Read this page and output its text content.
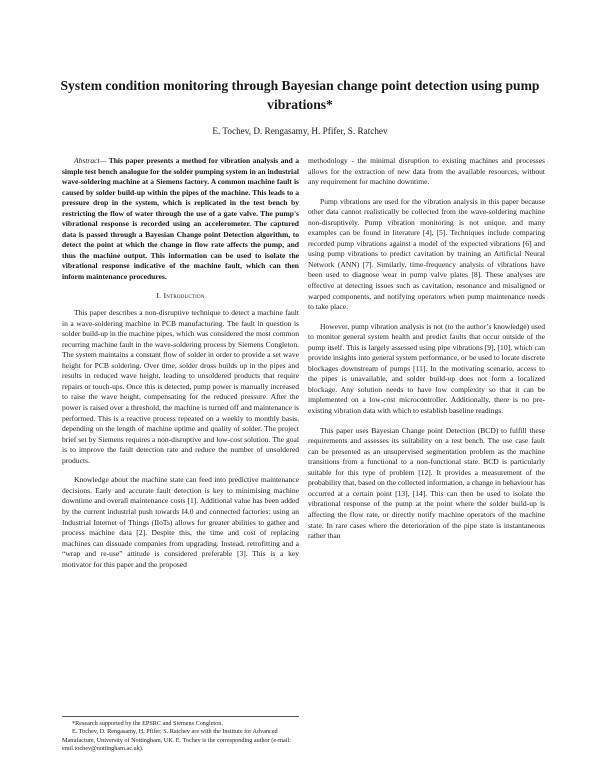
System condition monitoring through Bayesian change point detection using pump vibrations*
E. Tochev, D. Rengasamy, H. Pfifer, S. Ratchev

Abstract— This paper presents a method for vibration analysis and a simple test bench analogue for the solder pumping system in an industrial wave-soldering machine at a Siemens factory. A common machine fault is caused by solder build-up within the pipes of the machine. This leads to a pressure drop in the system, which is replicated in the test bench by restricting the flow of water through the use of a gate valve. The pump's vibrational response is recorded using an accelerometer. The captured data is passed through a Bayesian Change point Detection algorithm, to detect the point at which the change in flow rate affects the pump, and thus the machine output. This information can be used to isolate the vibrational response indicative of the machine fault, which can then inform maintenance procedures.

I. Introduction

This paper describes a non-disruptive technique to detect a machine fault in a wave-soldering machine in PCB manufacturing. The fault in question is solder build-up in the machine pipes, which was considered the most common recurring machine fault in the wave-soldering process by Siemens Congleton. The system maintains a constant flow of solder in order to provide a set wave height for PCB soldering. Over time, solder dross builds up in the pipes and results in reduced wave height, leading to unsoldered products that require repairs or touch-ups. Once this is detected, pump power is manually increased to raise the wave height, compensating for the reduced pressure. After the power is raised over a threshold, the machine is turned off and maintenance is performed. This is a reactive process repeated on a weekly to monthly basis, depending on the length of machine uptime and quality of solder. The project brief set by Siemens requires a non-disruptive and low-cost solution. The goal is to improve the fault detection rate and reduce the number of unsoldered products.

Knowledge about the machine state can feed into predictive maintenance decisions. Early and accurate fault detection is key to minimising machine downtime and overall maintenance costs [1]. Additional value has been added by the current industrial push towards I4.0 and connected factories: using an Industrial Internet of Things (IIoTs) allows for greater abilities to gather and process machine data [2]. Despite this, the time and cost of replacing machines can dissuade companies from upgrading. Instead, retrofitting and a “wrap and re-use” attitude is considered preferable [3]. This is a key motivator for this paper and the proposed

methodology - the minimal disruption to existing machines and processes allows for the extraction of new data from the available resources, without any requirement for machine downtime.

Pump vibrations are used for the vibration analysis in this paper because other data cannot realistically be collected from the wave-soldering machine non-disruptively. Pump vibration monitoring is not unique, and many examples can be found in literature [4], [5]. Techniques include comparing recorded pump vibrations against a model of the expected vibrations [6] and using pump vibrations to predict cavitation by training an Artificial Neural Network (ANN) [7]. Similarly, time-frequency analysis of vibrations have been used to diagnose wear in pump valve plates [8]. These analyses are effective at detecting issues such as cavitation, resonance and misaligned or warped components, and notifying operators when pump maintenance needs to take place.

However, pump vibration analysis is not (to the author’s knowledge) used to monitor general system health and predict faults that occur outside of the pump itself. This is largely assessed using pipe vibrations [9], [10], which can provide insights into general system performance, or be used to locate discrete blockages downstream of pumps [11]. In the motivating scenario, access to the pipes is unavailable, and solder build-up does not form a localized blockage. Any solution needs to have low complexity so that it can be implemented on a low-cost microcontroller. Additionally, there is no pre-existing vibration data with which to establish baseline readings.

This paper uses Bayesian Change point Detection (BCD) to fulfill these requirements and assesses its suitability on a test bench. The use case fault can be presented as an unsupervised segmentation problem as the machine transitions from a functional to a non-functional state. BCD is particularly suitable for this type of problem [12]. It provides a measurement of the probability that, based on the collected information, a change in behaviour has occurred at a certain point [13], [14]. This can then be used to isolate the vibrational response of the pump at the point where the solder build-up is affecting the flow rate, or directly notify machine operators of the machine state. In rare cases where the deterioration of the pipe state is instantaneous rather than

*Research supported by the EPSRC and Siemens Congleton.

E. Tochev, D. Rengasamy, H. Pfifer, S. Ratchev are with the Institute for Advanced Manufacture, University of Nottingham, UK. E. Tochev is the corresponding author (e-mail: emil.tochev@nottingham.ac.uk).
